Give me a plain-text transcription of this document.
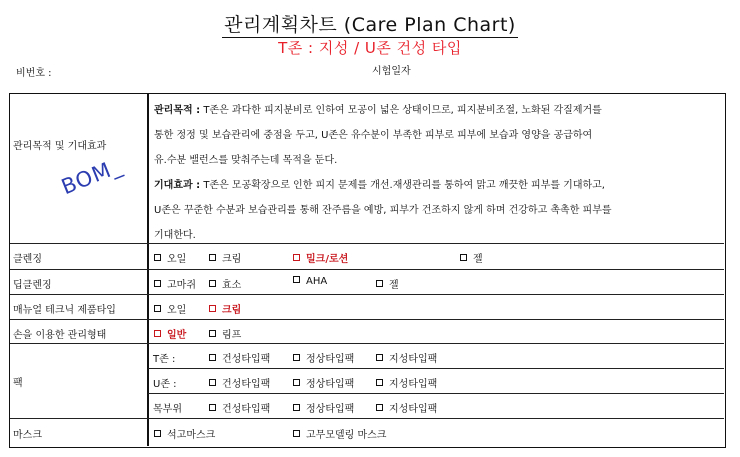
관리계획차트 (Care Plan Chart)
T존 : 지성 / U존 건성 타입
비번호 :	시험일자
관리목적 및 기대효과
BOM_
관리목적 : T존은 과다한 피지분비로 인하여 모공이 넓은 상태이므로, 피지분비조절, 노화된 각질제거를
통한 정정 및 보습관리에 중점을 두고, U존은 유수분이 부족한 피부로 피부에 보습과 영양을 공급하여
유.수분 밸런스를 맞춰주는데 목적을 둔다.
기대효과 : T존은 모공확장으로 인한 피지 문제를 개선.재생관리를 통하여 맑고 깨끗한 피부를 기대하고,
U존은 꾸준한 수분과 보습관리를 통해 잔주름을 예방, 피부가 건조하지 않게 하며 건강하고 촉촉한 피부를
기대한다.
클렌징	오일	크림	밀크/로션	젤
딥클렌징	고마쥐	효소	AHA	젤
매뉴얼 테크닉 제품타입	오일	크림
손을 이용한 관리형태	일반	림프
팩
T존 :	건성타입팩	정상타입팩	지성타입팩
U존 :	건성타입팩	정상타입팩	지성타입팩
목부위	건성타입팩	정상타입팩	지성타입팩
마스크	석고마스크	고무모델링 마스크
